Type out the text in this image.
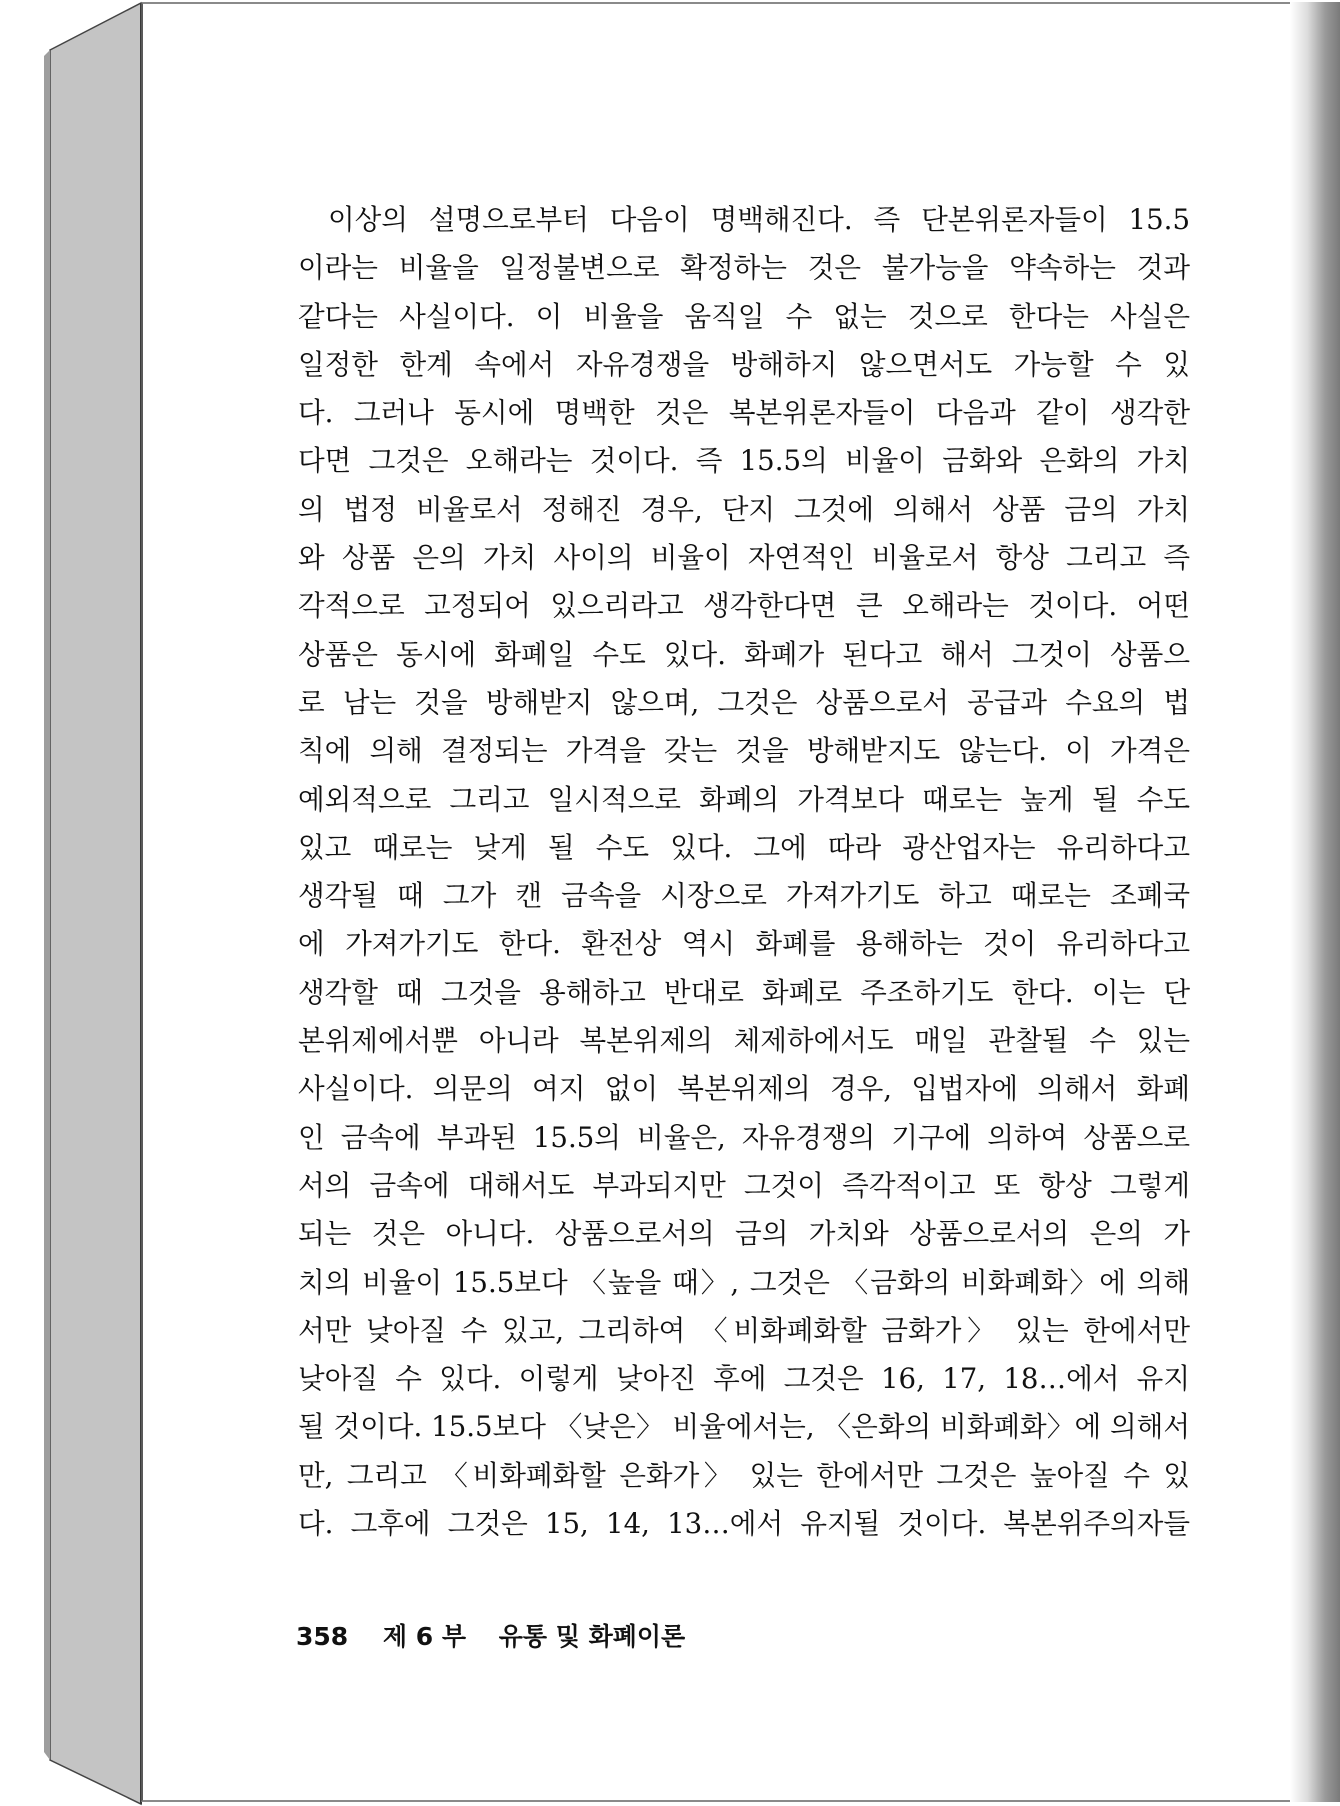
이상의 설명으로부터 다음이 명백해진다. 즉 단본위론자들이 15.5
이라는 비율을 일정불변으로 확정하는 것은 불가능을 약속하는 것과
같다는 사실이다. 이 비율을 움직일 수 없는 것으로 한다는 사실은
일정한 한계 속에서 자유경쟁을 방해하지 않으면서도 가능할 수 있
다. 그러나 동시에 명백한 것은 복본위론자들이 다음과 같이 생각한
다면 그것은 오해라는 것이다. 즉 15.5의 비율이 금화와 은화의 가치
의 법정 비율로서 정해진 경우, 단지 그것에 의해서 상품 금의 가치
와 상품 은의 가치 사이의 비율이 자연적인 비율로서 항상 그리고 즉
각적으로 고정되어 있으리라고 생각한다면 큰 오해라는 것이다. 어떤
상품은 동시에 화폐일 수도 있다. 화폐가 된다고 해서 그것이 상품으
로 남는 것을 방해받지 않으며, 그것은 상품으로서 공급과 수요의 법
칙에 의해 결정되는 가격을 갖는 것을 방해받지도 않는다. 이 가격은
예외적으로 그리고 일시적으로 화폐의 가격보다 때로는 높게 될 수도
있고 때로는 낮게 될 수도 있다. 그에 따라 광산업자는 유리하다고
생각될 때 그가 캔 금속을 시장으로 가져가기도 하고 때로는 조폐국
에 가져가기도 한다. 환전상 역시 화폐를 용해하는 것이 유리하다고
생각할 때 그것을 용해하고 반대로 화폐로 주조하기도 한다. 이는 단
본위제에서뿐 아니라 복본위제의 체제하에서도 매일 관찰될 수 있는
사실이다. 의문의 여지 없이 복본위제의 경우, 입법자에 의해서 화폐
인 금속에 부과된 15.5의 비율은, 자유경쟁의 기구에 의하여 상품으로
서의 금속에 대해서도 부과되지만 그것이 즉각적이고 또 항상 그렇게
되는 것은 아니다. 상품으로서의 금의 가치와 상품으로서의 은의 가
치의 비율이 15.5보다 〈높을 때〉, 그것은 〈금화의 비화폐화〉에 의해
서만 낮아질 수 있고, 그리하여 〈비화폐화할 금화가〉 있는 한에서만
낮아질 수 있다. 이렇게 낮아진 후에 그것은 16, 17, 18…에서 유지
될 것이다. 15.5보다 〈낮은〉 비율에서는, 〈은화의 비화폐화〉에 의해서
만, 그리고 〈비화폐화할 은화가〉 있는 한에서만 그것은 높아질 수 있
다. 그후에 그것은 15, 14, 13…에서 유지될 것이다. 복본위주의자들
358 제 6 부 유통 및 화폐이론
